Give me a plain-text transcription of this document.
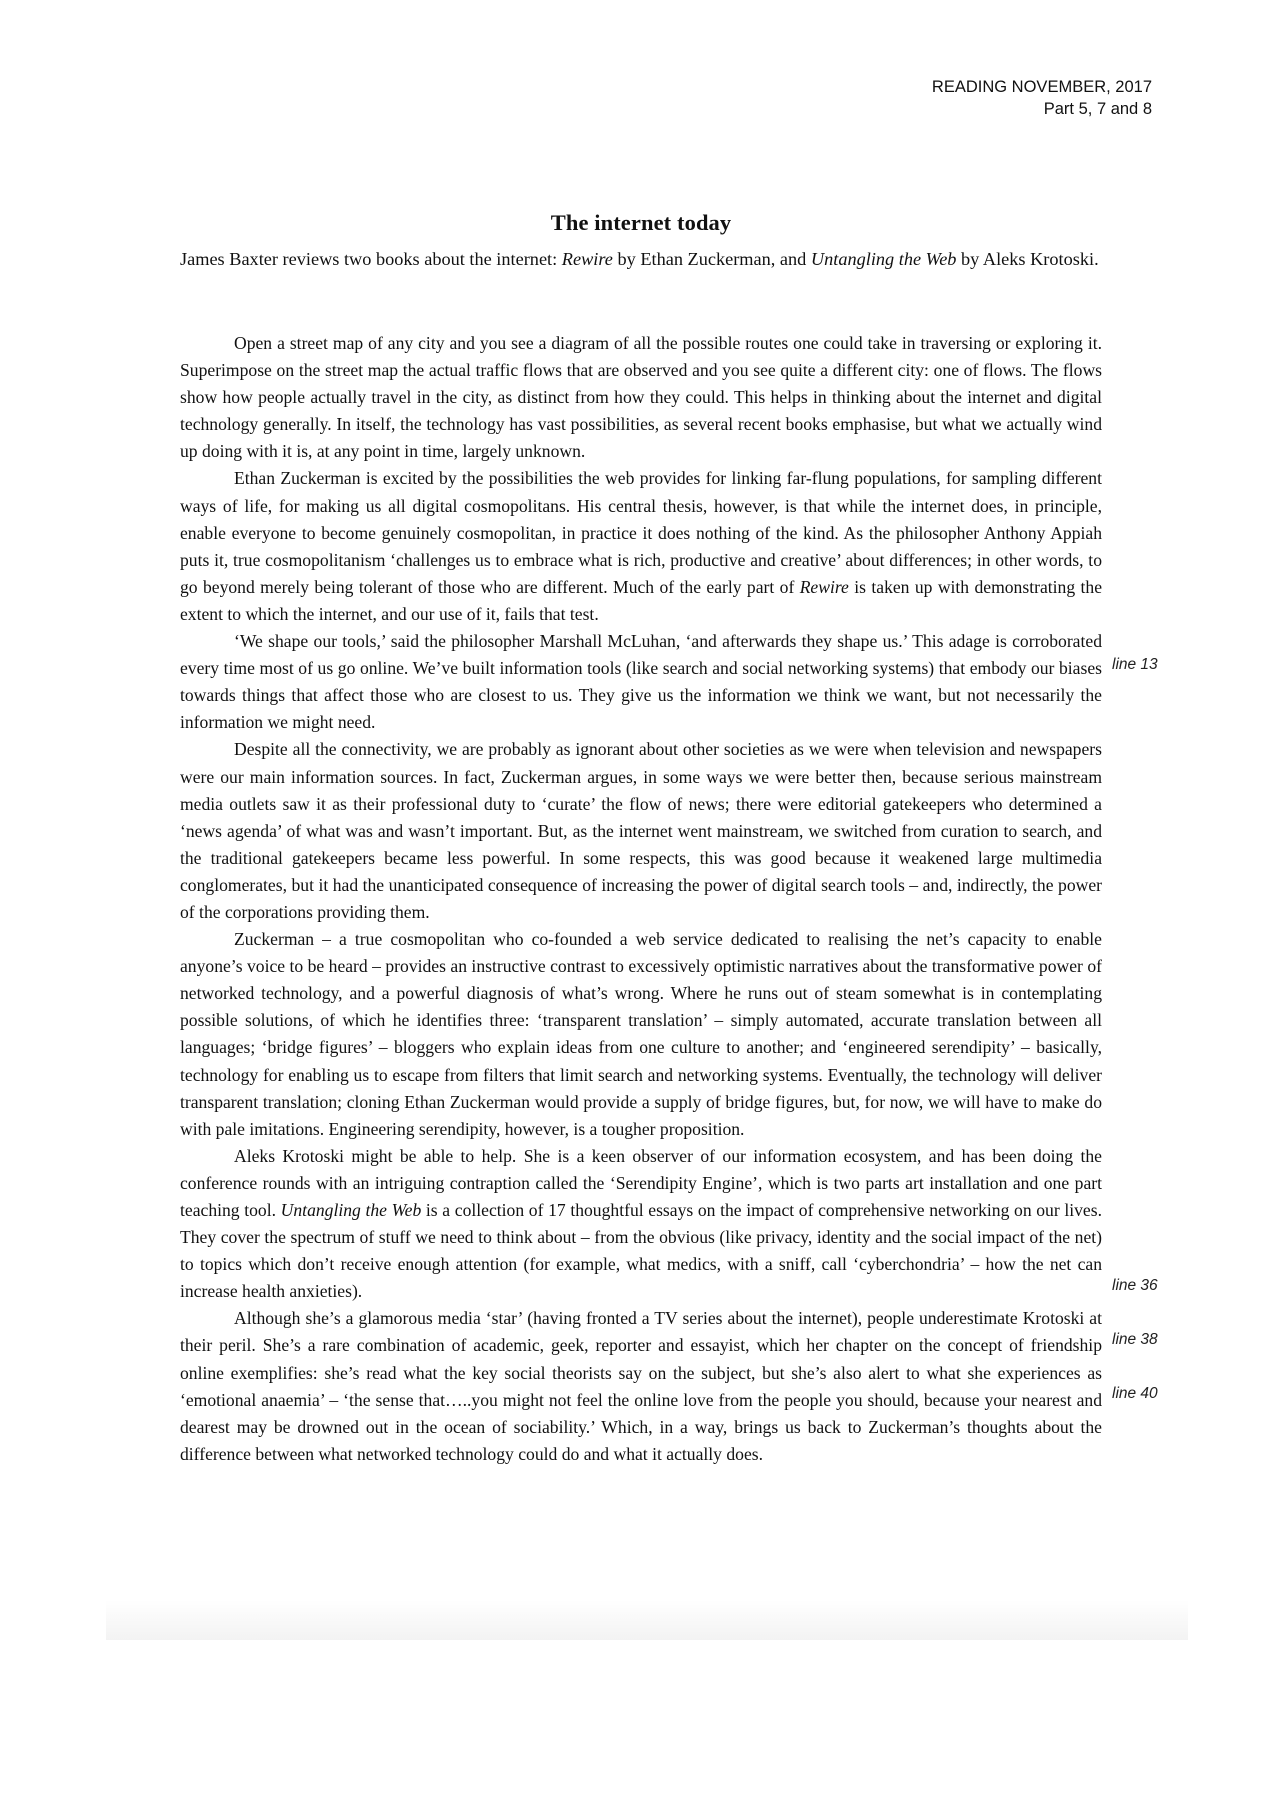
READING NOVEMBER, 2017
Part 5, 7 and 8
The internet today
James Baxter reviews two books about the internet: Rewire by Ethan Zuckerman, and Untangling the Web by Aleks Krotoski.

Open a street map of any city and you see a diagram of all the possible routes one could take in traversing or exploring it. Superimpose on the street map the actual traffic flows that are observed and you see quite a different city: one of flows. The flows show how people actually travel in the city, as distinct from how they could. This helps in thinking about the internet and digital technology generally. In itself, the technology has vast possibilities, as several recent books emphasise, but what we actually wind up doing with it is, at any point in time, largely unknown.

Ethan Zuckerman is excited by the possibilities the web provides for linking far-flung populations, for sampling different ways of life, for making us all digital cosmopolitans. His central thesis, however, is that while the internet does, in principle, enable everyone to become genuinely cosmopolitan, in practice it does nothing of the kind. As the philosopher Anthony Appiah puts it, true cosmopolitanism ‘challenges us to embrace what is rich, productive and creative’ about differences; in other words, to go beyond merely being tolerant of those who are different. Much of the early part of Rewire is taken up with demonstrating the extent to which the internet, and our use of it, fails that test.

‘We shape our tools,’ said the philosopher Marshall McLuhan, ‘and afterwards they shape us.’ This adage is corroborated every time most of us go online. We’ve built information tools (like search and social networking systems) that embody our biases towards things that affect those who are closest to us. They give us the information we think we want, but not necessarily the information we might need.

Despite all the connectivity, we are probably as ignorant about other societies as we were when television and newspapers were our main information sources. In fact, Zuckerman argues, in some ways we were better then, because serious mainstream media outlets saw it as their professional duty to ‘curate’ the flow of news; there were editorial gatekeepers who determined a ‘news agenda’ of what was and wasn’t important. But, as the internet went mainstream, we switched from curation to search, and the traditional gatekeepers became less powerful. In some respects, this was good because it weakened large multimedia conglomerates, but it had the unanticipated consequence of increasing the power of digital search tools – and, indirectly, the power of the corporations providing them.

Zuckerman – a true cosmopolitan who co-founded a web service dedicated to realising the net’s capacity to enable anyone’s voice to be heard – provides an instructive contrast to excessively optimistic narratives about the transformative power of networked technology, and a powerful diagnosis of what’s wrong. Where he runs out of steam somewhat is in contemplating possible solutions, of which he identifies three: ‘transparent translation’ – simply automated, accurate translation between all languages; ‘bridge figures’ – bloggers who explain ideas from one culture to another; and ‘engineered serendipity’ – basically, technology for enabling us to escape from filters that limit search and networking systems. Eventually, the technology will deliver transparent translation; cloning Ethan Zuckerman would provide a supply of bridge figures, but, for now, we will have to make do with pale imitations. Engineering serendipity, however, is a tougher proposition.

Aleks Krotoski might be able to help. She is a keen observer of our information ecosystem, and has been doing the conference rounds with an intriguing contraption called the ‘Serendipity Engine’, which is two parts art installation and one part teaching tool. Untangling the Web is a collection of 17 thoughtful essays on the impact of comprehensive networking on our lives. They cover the spectrum of stuff we need to think about – from the obvious (like privacy, identity and the social impact of the net) to topics which don’t receive enough attention (for example, what medics, with a sniff, call ‘cyberchondria’ – how the net can increase health anxieties).

Although she’s a glamorous media ‘star’ (having fronted a TV series about the internet), people underestimate Krotoski at their peril. She’s a rare combination of academic, geek, reporter and essayist, which her chapter on the concept of friendship online exemplifies: she’s read what the key social theorists say on the subject, but she’s also alert to what she experiences as ‘emotional anaemia’ – ‘the sense that…..you might not feel the online love from the people you should, because your nearest and dearest may be drowned out in the ocean of sociability.’ Which, in a way, brings us back to Zuckerman’s thoughts about the difference between what networked technology could do and what it actually does.

line 13
line 36
line 38
line 40
